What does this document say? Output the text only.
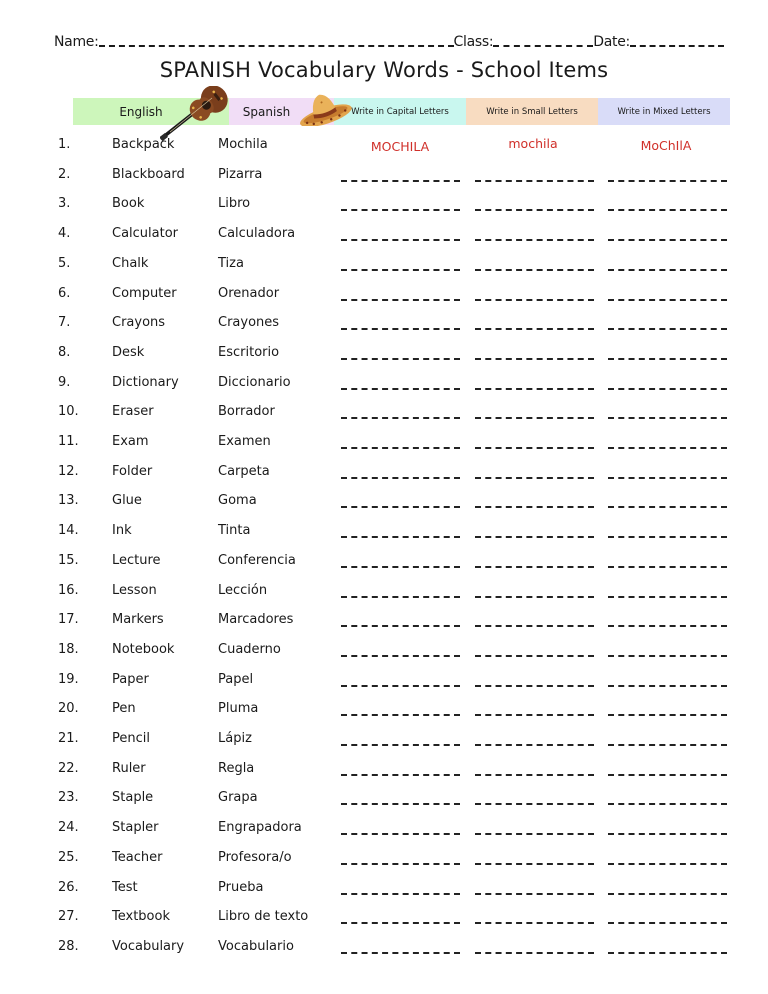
Name:	Class:	Date:
SPANISH Vocabulary Words - School Items
English	Spanish	Write in Capital Letters	Write in Small Letters	Write in Mixed Letters
1.	Backpack	Mochila	MOCHILA	mochila	MoChIlA
2.	Blackboard	Pizarra
3.	Book	Libro
4.	Calculator	Calculadora
5.	Chalk	Tiza
6.	Computer	Orenador
7.	Crayons	Crayones
8.	Desk	Escritorio
9.	Dictionary	Diccionario
10.	Eraser	Borrador
11.	Exam	Examen
12.	Folder	Carpeta
13.	Glue	Goma
14.	Ink	Tinta
15.	Lecture	Conferencia
16.	Lesson	Lección
17.	Markers	Marcadores
18.	Notebook	Cuaderno
19.	Paper	Papel
20.	Pen	Pluma
21.	Pencil	Lápiz
22.	Ruler	Regla
23.	Staple	Grapa
24.	Stapler	Engrapadora
25.	Teacher	Profesora/o
26.	Test	Prueba
27.	Textbook	Libro de texto
28.	Vocabulary	Vocabulario
